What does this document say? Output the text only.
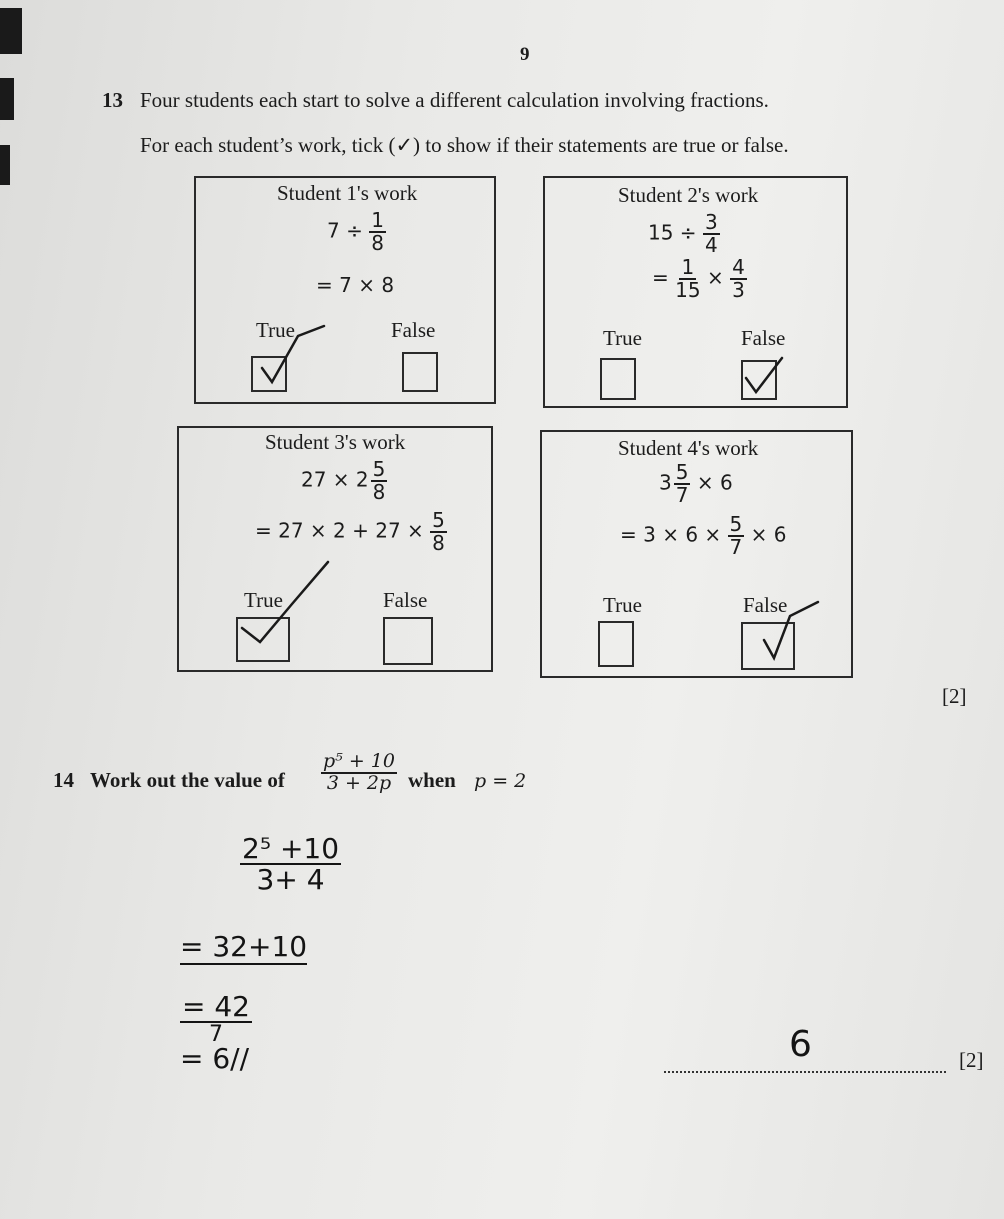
9
13 Four students each start to solve a different calculation involving fractions.
For each student’s work, tick (✓) to show if their statements are true or false.
Student 1's work
$7 \div \frac{1}{8}$
= 7 × 8
True	False
Student 2's work
$15 \div \frac{3}{4}$
= $\frac{1}{15} \times \frac{4}{3}$
True	False
Student 3's work
$27 \times 2 \frac{5}{8}$
= $27 \times 2 + 27 \times \frac{5}{8}$
True	False
Student 4's work
$3 \frac{5}{7} \times 6$
= $3 \times 6 \times \frac{5}{7} \times 6$
True	False
[2]
14 Work out the value of $\frac{\text{p⁵ + 10}}{3 + 2p}$ when p = 2
$\frac{\text{2⁵ +10}}{3+ 4}$
= 32+10
$\frac{= 42}{7}$
= 6//	6	[2]
